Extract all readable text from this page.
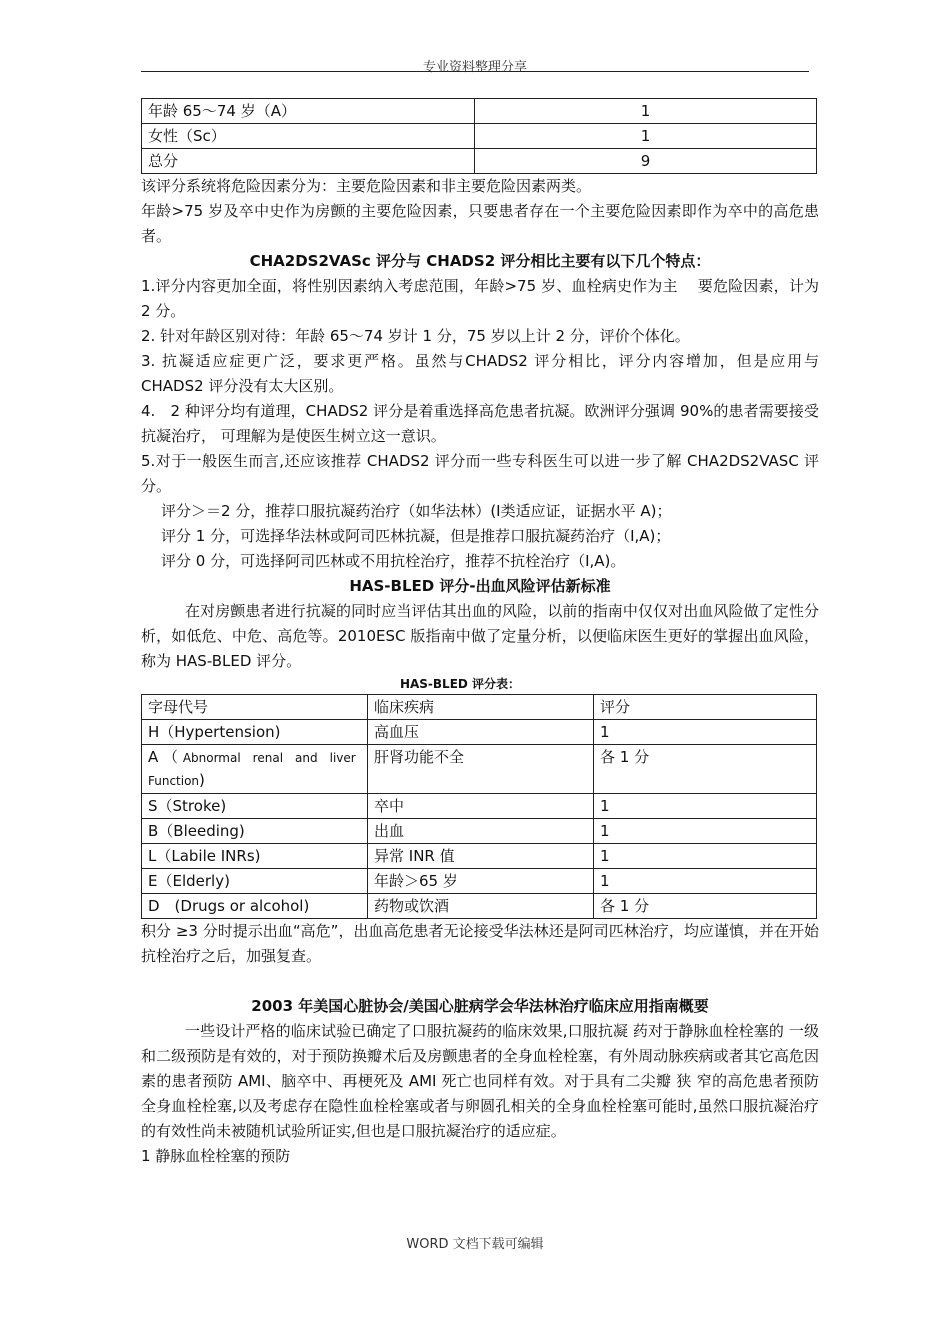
专业资料整理分享
年龄 65～74 岁（A）	1
女性（Sc）	1
总分	9

该评分系统将危险因素分为：主要危险因素和非主要危险因素两类。

年龄>75 岁及卒中史作为房颤的主要危险因素，只要患者存在一个主要危险因素即作为卒中的高危患者。

CHA2DS2VASc 评分与 CHADS2 评分相比主要有以下几个特点：

1.评分内容更加全面，将性别因素纳入考虑范围，年龄>75 岁、血栓病史作为主　 要危险因素，计为 2 分。

2. 针对年龄区别对待：年龄 65～74 岁计 1 分，75 岁以上计 2 分，评价个体化。

3. 抗凝适应症更广泛，要求更严格。虽然与CHADS2 评分相比，评分内容增加，但是应用与 CHADS2 评分没有太大区别。

4.　2 种评分均有道理，CHADS2 评分是着重选择高危患者抗凝。欧洲评分强调 90%的患者需要接受抗凝治疗， 可理解为是使医生树立这一意识。

5.对于一般医生而言,还应该推荐 CHADS2 评分而一些专科医生可以进一步了解 CHA2DS2VASC 评分。

评分＞＝2 分，推荐口服抗凝药治疗（如华法林）(Ⅰ类适应证，证据水平 A)；

评分 1 分，可选择华法林或阿司匹林抗凝，但是推荐口服抗凝药治疗（Ⅰ,A)；

评分 0 分，可选择阿司匹林或不用抗栓治疗，推荐不抗栓治疗（Ⅰ,A)。

HAS-BLED 评分-出血风险评估新标准

在对房颤患者进行抗凝的同时应当评估其出血的风险，以前的指南中仅仅对出血风险做了定性分析，如低危、中危、高危等。2010ESC 版指南中做了定量分析，以便临床医生更好的掌握出血风险，称为 HAS-BLED 评分。

HAS-BLED 评分表：
字母代号	临床疾病	评分
H（Hypertension)	高血压	1

A （ Abnormal　renal　and　liver
Function)	肝肾功能不全	各 1 分
S（Stroke)	卒中	1
B（Bleeding)	出血	1
L（Labile INRs)	异常 INR 值	1
E（Elderly)	年龄＞65 岁	1
D　(Drugs or alcohol)	药物或饮酒	各 1 分

积分 ≥3 分时提示出血“高危”，出血高危患者无论接受华法林还是阿司匹林治疗，均应谨慎，并在开始抗栓治疗之后，加强复查。

2003 年美国心脏协会/美国心脏病学会华法林治疗临床应用指南概要

一些设计严格的临床试验已确定了口服抗凝药的临床效果,口服抗凝 药对于静脉血栓栓塞的 一级和二级预防是有效的，对于预防换瓣术后及房颤患者的全身血栓栓塞，有外周动脉疾病或者其它高危因素的患者预防 AMI、脑卒中、再梗死及 AMI 死亡也同样有效。对于具有二尖瓣 狭 窄的高危患者预防全身血栓栓塞,以及考虑存在隐性血栓栓塞或者与卵圆孔相关的全身血栓栓塞可能时,虽然口服抗凝治疗的有效性尚未被随机试验所证实,但也是口服抗凝治疗的适应症。

1 静脉血栓栓塞的预防

WORD 文档下载可编辑
